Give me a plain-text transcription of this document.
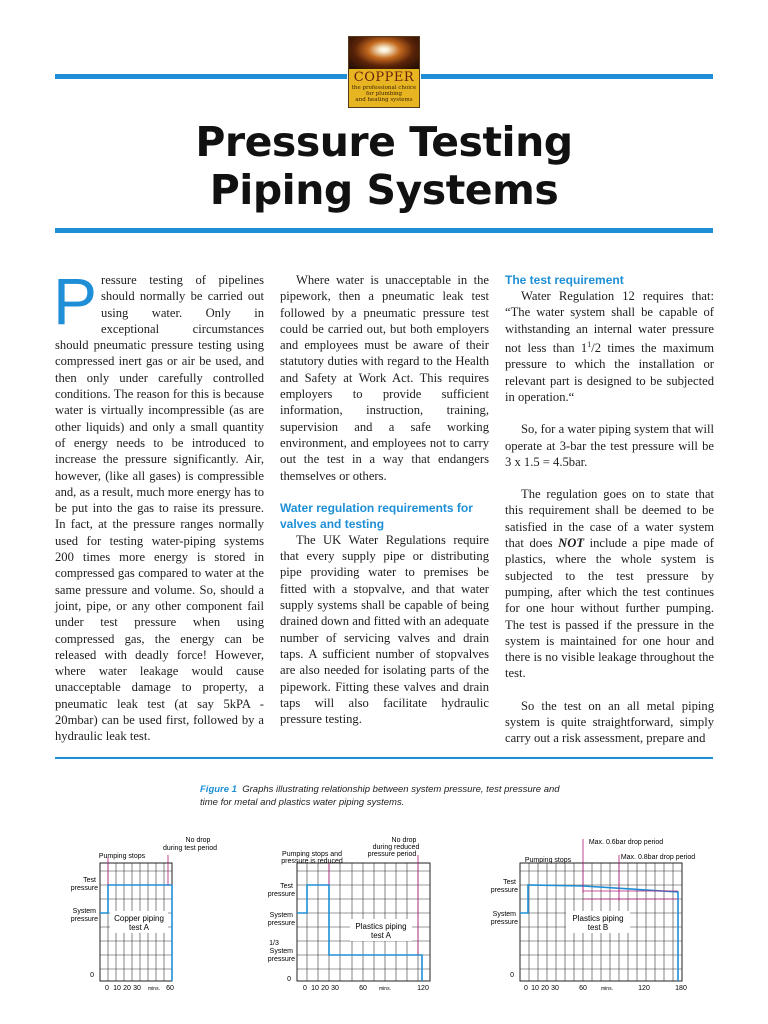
COPPER
the professional choice
for plumbing
and heating systems
Pressure Testing
Piping Systems

Pressure testing of pipelines should normally be carried out using water. Only in exceptional circumstances should pneumatic pressure testing using compressed inert gas or air be used, and then only under carefully controlled conditions. The reason for this is because water is virtually incompressible (as are other liquids) and only a small quantity of energy needs to be introduced to increase the pressure significantly. Air, however, (like all gases) is compressible and, as a result, much more energy has to be put into the gas to raise its pressure. In fact, at the pressure ranges normally used for testing water-piping systems 200 times more energy is stored in compressed gas compared to water at the same pressure and volume. So, should a joint, pipe, or any other component fail under test pressure when using compressed gas, the energy can be released with deadly force! However, where water leakage would cause unacceptable damage to property, a pneumatic leak test (at say 5kPA - 20mbar) can be used first, followed by a hydraulic leak test.

Where water is unacceptable in the pipework, then a pneumatic leak test followed by a pneumatic pressure test could be carried out, but both employers and employees must be aware of their statutory duties with regard to the Health and Safety at Work Act. This requires employers to provide sufficient information, instruction, training, supervision and a safe working environment, and employees not to carry out the test in a way that endangers themselves or others.

Water regulation requirements for valves and testing

The UK Water Regulations require that every supply pipe or distributing pipe providing water to premises be fitted with a stopvalve, and that water supply systems shall be capable of being drained down and fitted with an adequate number of servicing valves and drain taps. A sufficient number of stopvalves are also needed for isolating parts of the pipework. Fitting these valves and drain taps will also facilitate hydraulic pressure testing.

The test requirement

Water Regulation 12 requires that: “The water system shall be capable of withstanding an internal water pressure not less than $1^1/2$ times the maximum pressure to which the installation or relevant part is designed to be subjected in operation.“

So, for a water piping system that will operate at 3-bar the test pressure will be 3 x 1.5 = 4.5bar.

The regulation goes on to state that this requirement shall be deemed to be satisfied in the case of a water system that does NOT include a pipe made of plastics, where the whole system is subjected to the test pressure by pumping, after which the test continues for one hour without further pumping. The test is passed if the pressure in the system is maintained for one hour and there is no visible leakage throughout the test.

So the test on an all metal piping system is quite straightforward, simply carry out a risk assessment, prepare and

Figure 1 Graphs illustrating relationship between system pressure, test pressure and time for metal and plastics water piping systems.
Copper piping
test A
No drop
during test period
Pumping stops
Test
pressure
System
pressure
0
0 10 20 30	60
mins.
Plastics piping
test A
No drop
during reduced
pressure period
Pumping stops and
pressure is reduced
Test
pressure
System
pressure
1/3
System
pressure
0
0 10 20 30	60	120
mins.
Plastics piping
test B
Max. 0.6bar drop period
Max. 0.8bar drop period
Pumping stops
Test
pressure
System
pressure
0
0 10 20 30	60	120	180
mins.
